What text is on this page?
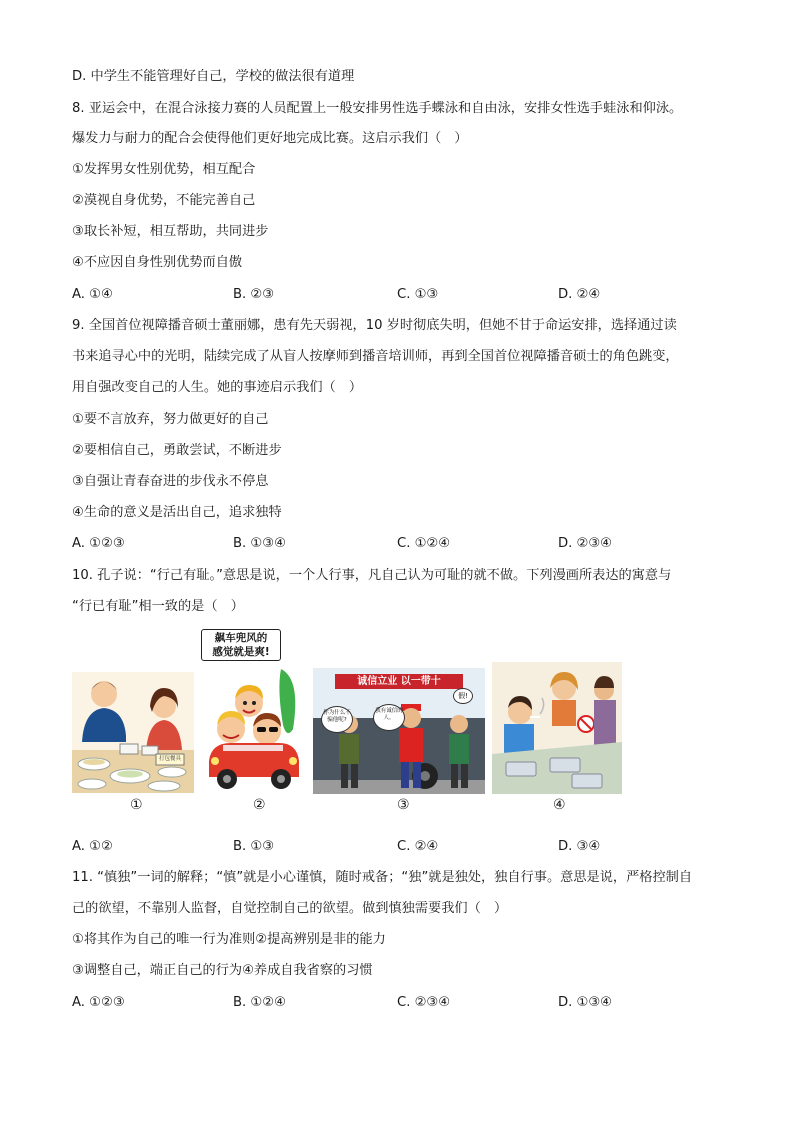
D. 中学生不能管理好自己，学校的做法很有道理
8. 亚运会中，在混合泳接力赛的人员配置上一般安排男性选手蝶泳和自由泳，安排女性选手蛙泳和仰泳。
爆发力与耐力的配合会使得他们更好地完成比赛。这启示我们（　）
①发挥男女性别优势，相互配合
②漠视自身优势，不能完善自己
③取长补短，相互帮助，共同进步
④不应因自身性别优势而自傲
A. ①④	B. ②③	C. ①③	D. ②④
9. 全国首位视障播音硕士董丽娜，患有先天弱视，10 岁时彻底失明，但她不甘于命运安排，选择通过读
书来追寻心中的光明，陆续完成了从盲人按摩师到播音培训师，再到全国首位视障播音硕士的角色跳变，
用自强改变自己的人生。她的事迹启示我们（　）
①要不言放弃，努力做更好的自己
②要相信自己，勇敢尝试，不断进步
③自强让青春奋进的步伐永不停息
④生命的意义是活出自己，追求独特
A. ①②③	B. ①③④	C. ①②④	D. ②③④
10. 孔子说：“行己有耻。”意思是说，一个人行事，凡自己认为可耻的就不做。下列漫画所表达的寓意与
“行已有耻”相一致的是（　）
打包餐具
飙车兜风的
感觉就是爽!
诚信立业 以一带十
你为什么不骗他呢?
我有诚信的人。
假!
①	②	③	④
A. ①②	B. ①③	C. ②④	D. ③④
11. “慎独”一词的解释；“慎”就是小心谨慎，随时戒备；“独”就是独处，独自行事。意思是说，严格控制自
己的欲望，不靠别人监督，自觉控制自己的欲望。做到慎独需要我们（　）
①将其作为自己的唯一行为准则②提高辨别是非的能力
③调整自己，端正自己的行为④养成自我省察的习惯
A. ①②③	B. ①②④	C. ②③④	D. ①③④
